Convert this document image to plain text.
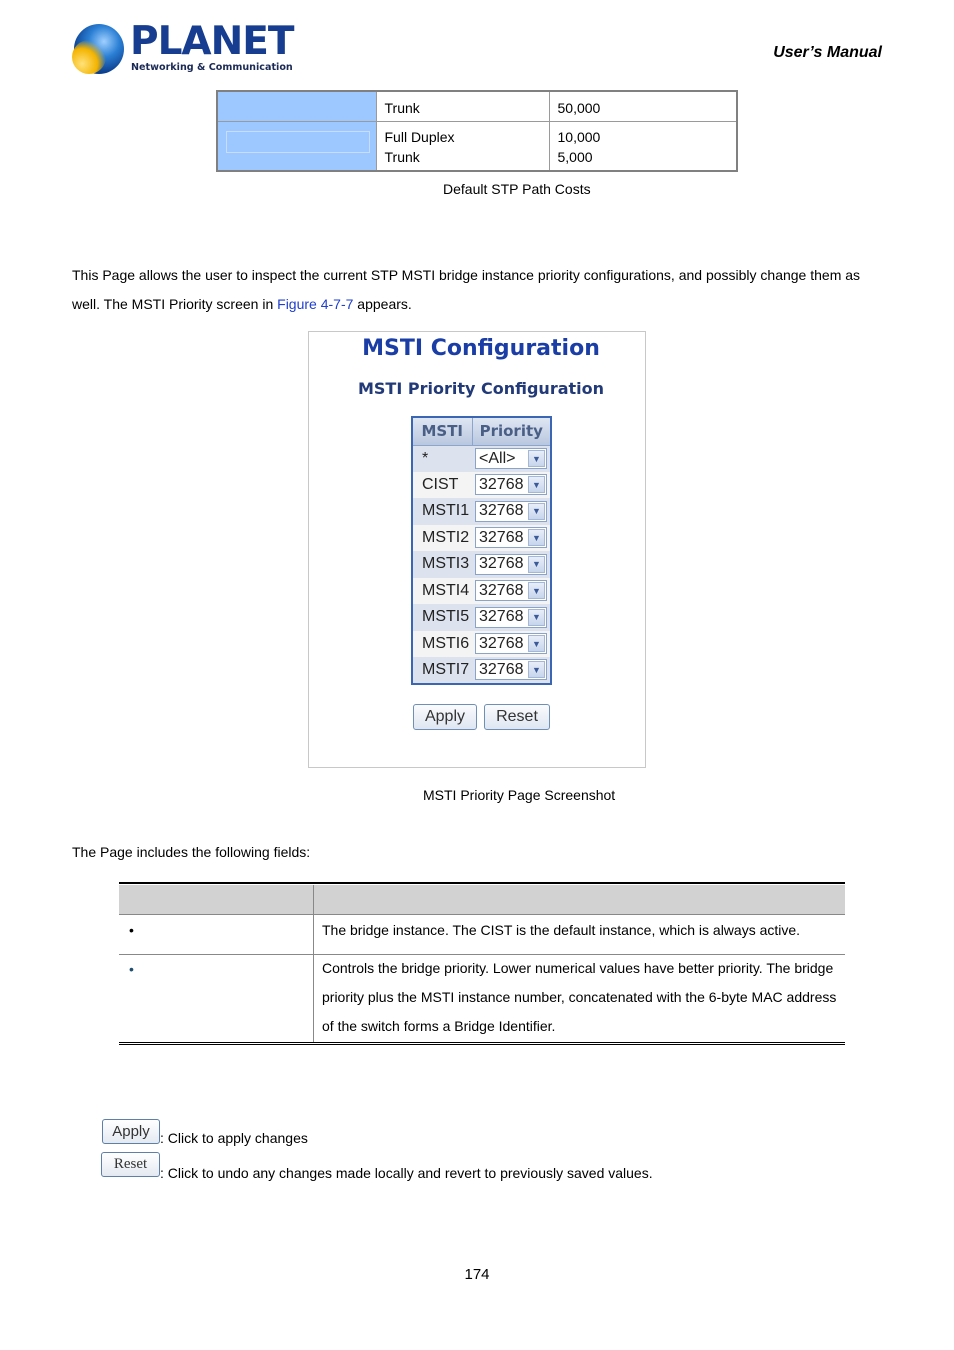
PLANET
Networking & Communication
User’s Manual
	Trunk	50,000

	Full Duplex	10,000
	Trunk	5,000
Default STP Path Costs

This Page allows the user to inspect the current STP MSTI bridge instance priority configurations, and possibly change them as well. The MSTI Priority screen in Figure 4-7-7 appears.

MSTI Configuration
MSTI Priority Configuration
MSTI	Priority
*	<All> ▼

CIST	32768 ▼

MSTI1	32768 ▼

MSTI2	32768 ▼

MSTI3	32768 ▼

MSTI4	32768 ▼

MSTI5	32768 ▼

MSTI6	32768 ▼

MSTI7	32768 ▼
Apply	Reset
MSTI Priority Page Screenshot
The Page includes the following fields:
•	The bridge instance. The CIST is the default instance, which is always active.
•	Controls the bridge priority. Lower numerical values have better priority. The bridge priority plus the MSTI instance number, concatenated with the 6-byte MAC address of the switch forms a Bridge Identifier.
Apply : Click to apply changes
Reset
: Click to undo any changes made locally and revert to previously saved values.
174
